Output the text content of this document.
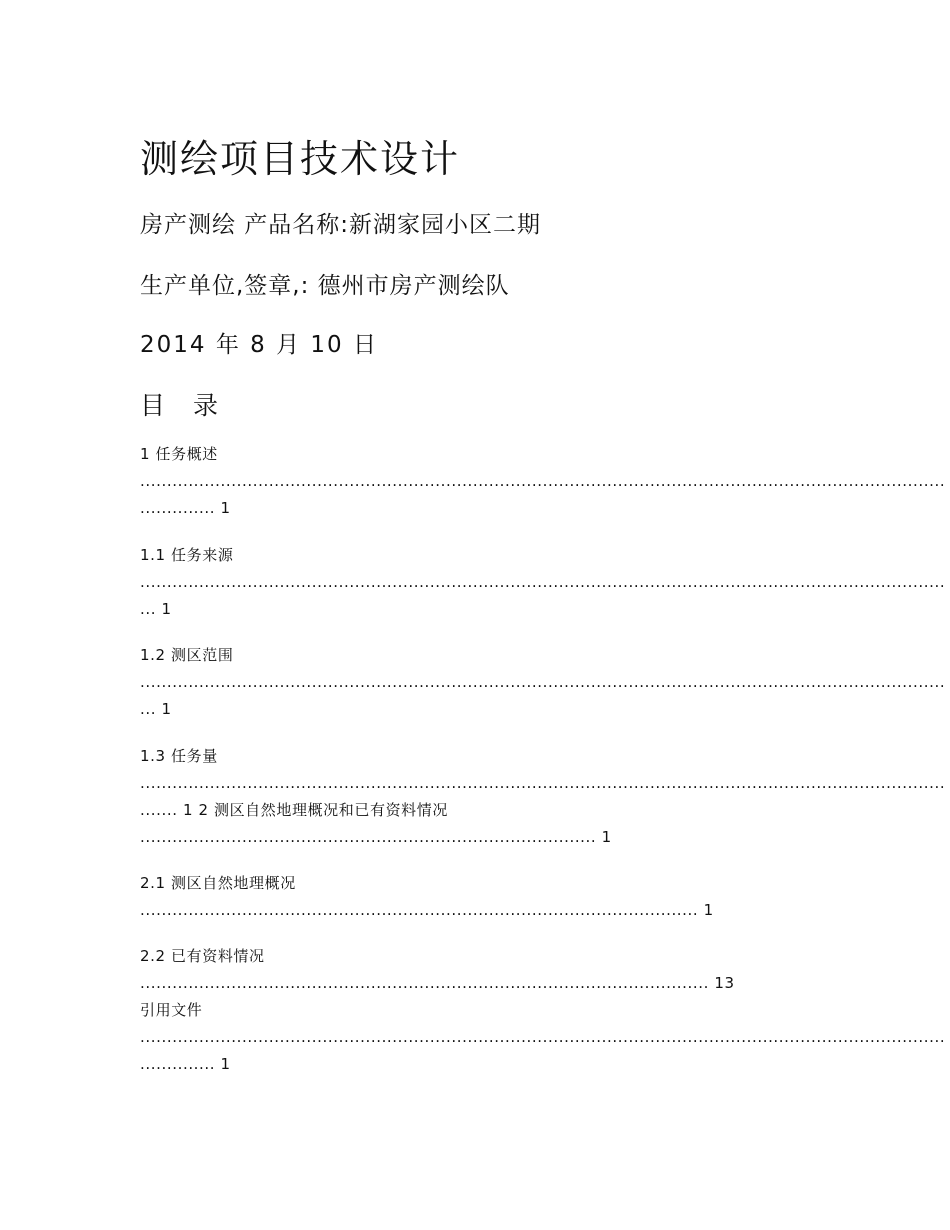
测绘项目技术设计

房产测绘 产品名称:新湖家园小区二期

生产单位,签章,: 德州市房产测绘队

2014 年 8 月 10 日

目 录
1 任务概述
......................................................................................................................................................
.............. 1
1.1 任务来源
......................................................................................................................................................
... 1
1.2 测区范围
......................................................................................................................................................
... 1
1.3 任务量
......................................................................................................................................................
....... 1 2 测区自然地理概况和已有资料情况
..................................................................................... 1
2.1 测区自然地理概况
........................................................................................................ 1
2.2 已有资料情况
.......................................................................................................... 13
引用文件
......................................................................................................................................................
.............. 1
